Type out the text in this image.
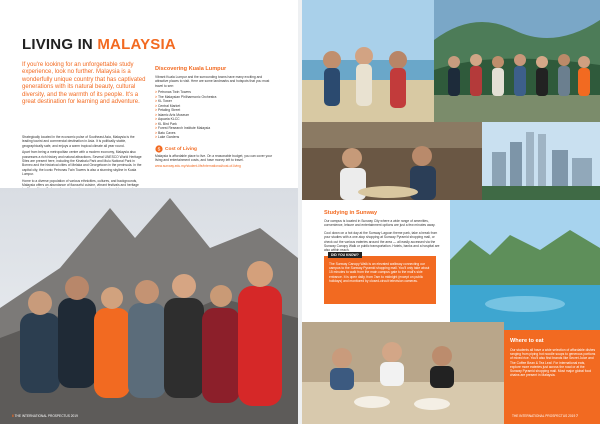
LIVING IN MALAYSIA
If you're looking for an unforgettable study experience, look no further. Malaysia is a wonderfully unique country that has captivated generations with its natural beauty, cultural diversity, and the warmth of its people. It's a great destination for learning and adventure.

Strategically located in the economic pulse of Southeast Asia, Malaysia is the leading tourist and commercial destination in Asia. It is politically stable, geographically safe, and enjoys a warm tropical climate all year round.

Apart from being a metropolitan centre with a modern economy, Malaysia also possesses a rich history and natural attractions. Several UNESCO World Heritage Sites are present here, including the Kinabalu Park and Mulu National Park in Borneo and the historical cities of Melaka and Georgetown in the peninsula. In the capital city, the iconic Petronas Twin Towers is also a stunning skyline in Kuala Lumpur.

Home to a diverse population of various ethnicities, cultures, and backgrounds, Malaysia offers an abundance of flavourful cuisine, vibrant festivals and heritage

Discovering Kuala Lumpur
Vibrant Kuala Lumpur and the surrounding towns have many exciting and attractive places to visit. Here are some landmarks and hotspots that you must travel to see:
> Petronas Twin Towers
> The Malaysian Philharmonic Orchestra
> KL Tower
> Central Market
> Petaling Street
> Islamic Arts Museum
> Aquaria KLCC
> KL Bird Park
> Forest Research Institute Malaysia
> Batu Caves
> Lake Gardens
$ Cost of Living
Malaysia is affordable place to live. On a reasonable budget, you can cover your living and entertainment costs, and have money left to travel.
www.sunway.edu.my/student-life/international/cost-of-living
6 THE INTERNATIONAL PROSPECTUS 2019
Studying in Sunway
Our campus is located in Sunway City where a wide range of amenities, convenience, leisure and entertainment options are just a few minutes away.
Cool down on a hot day at the Sunway Lagoon theme park, take a break from your studies with a one-stop shopping at Sunway Pyramid shopping mall, or check out the various eateries around the area — all easily accessed via the Sunway Canopy Walk or public transportation. Hotels, banks and a hospital are also within reach.
DID YOU KNOW?
The Sunway Canopy Walk is an elevated walkway connecting our campus to the Sunway Pyramid shopping mall. You'll only take about 15 minutes to walk from the main campus gate to the mall's side entrance. It is open daily, from 7am to midnight (except on public holidays) and monitored by closed-circuit television cameras.
Where to eat
Our students all have a wide selection of affordable dishes ranging from piping hot noodle soups to generous portions of mixed rice. You'll also find brands like Secret Juice and The Coffee Bean & Tea Leaf. For international eats, explore more eateries just across the road or at the Sunway Pyramid shopping mall. Most major global food chains are present in Malaysia.
THE INTERNATIONAL PROSPECTUS 2019 7
